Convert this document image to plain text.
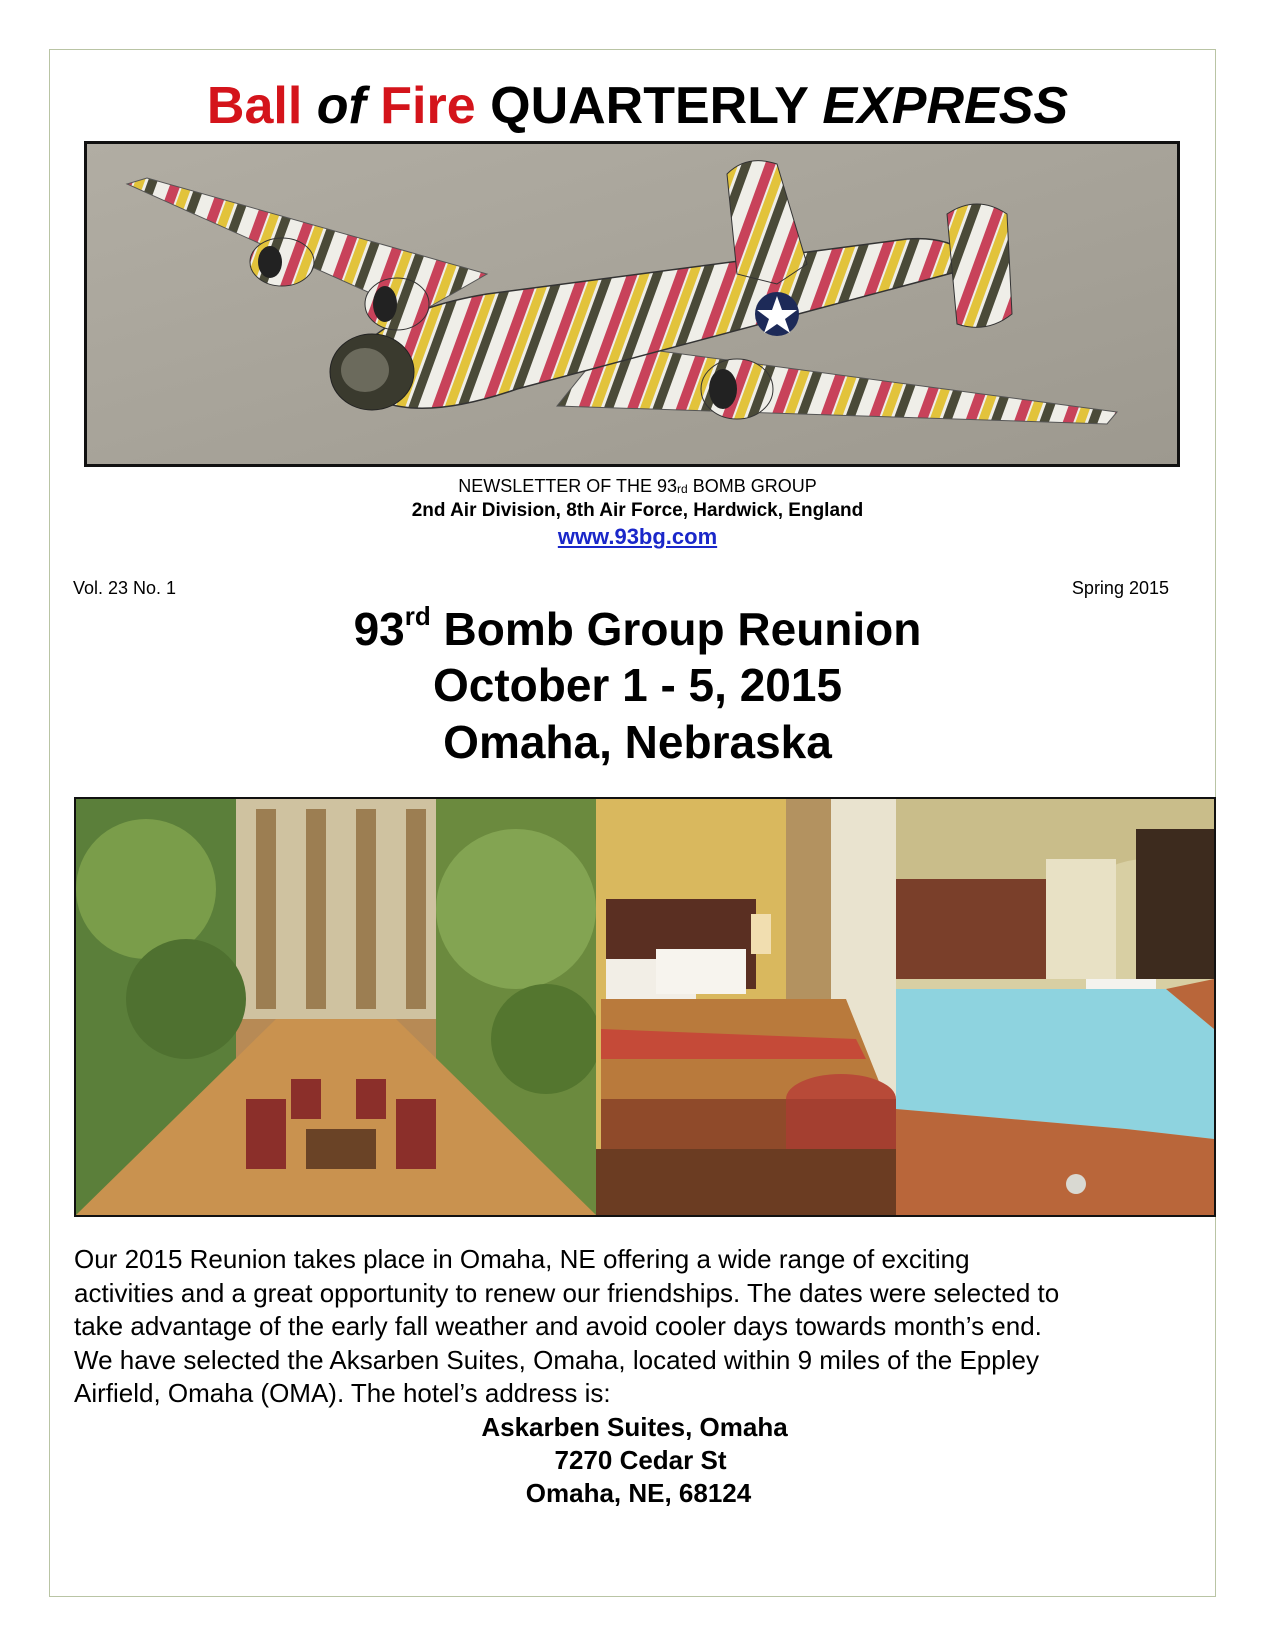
Ball of Fire QUARTERLY EXPRESS
NEWSLETTER OF THE $93_{rd}$ BOMB GROUP
2nd Air Division, 8th Air Force, Hardwick, England
www.93bg.com
Vol. 23 No. 1	Spring 2015
93rd Bomb Group Reunion
October 1 - 5, 2015
Omaha, Nebraska

Our 2015 Reunion takes place in Omaha, NE offering a wide range of exciting

activities and a great opportunity to renew our friendships. The dates were selected to

take advantage of the early fall weather and avoid cooler days towards month’s end.

We have selected the Aksarben Suites, Omaha, located within 9 miles of the Eppley

Airfield, Omaha (OMA). The hotel’s address is:

Askarben Suites, Omaha
7270 Cedar St
Omaha, NE, 68124
